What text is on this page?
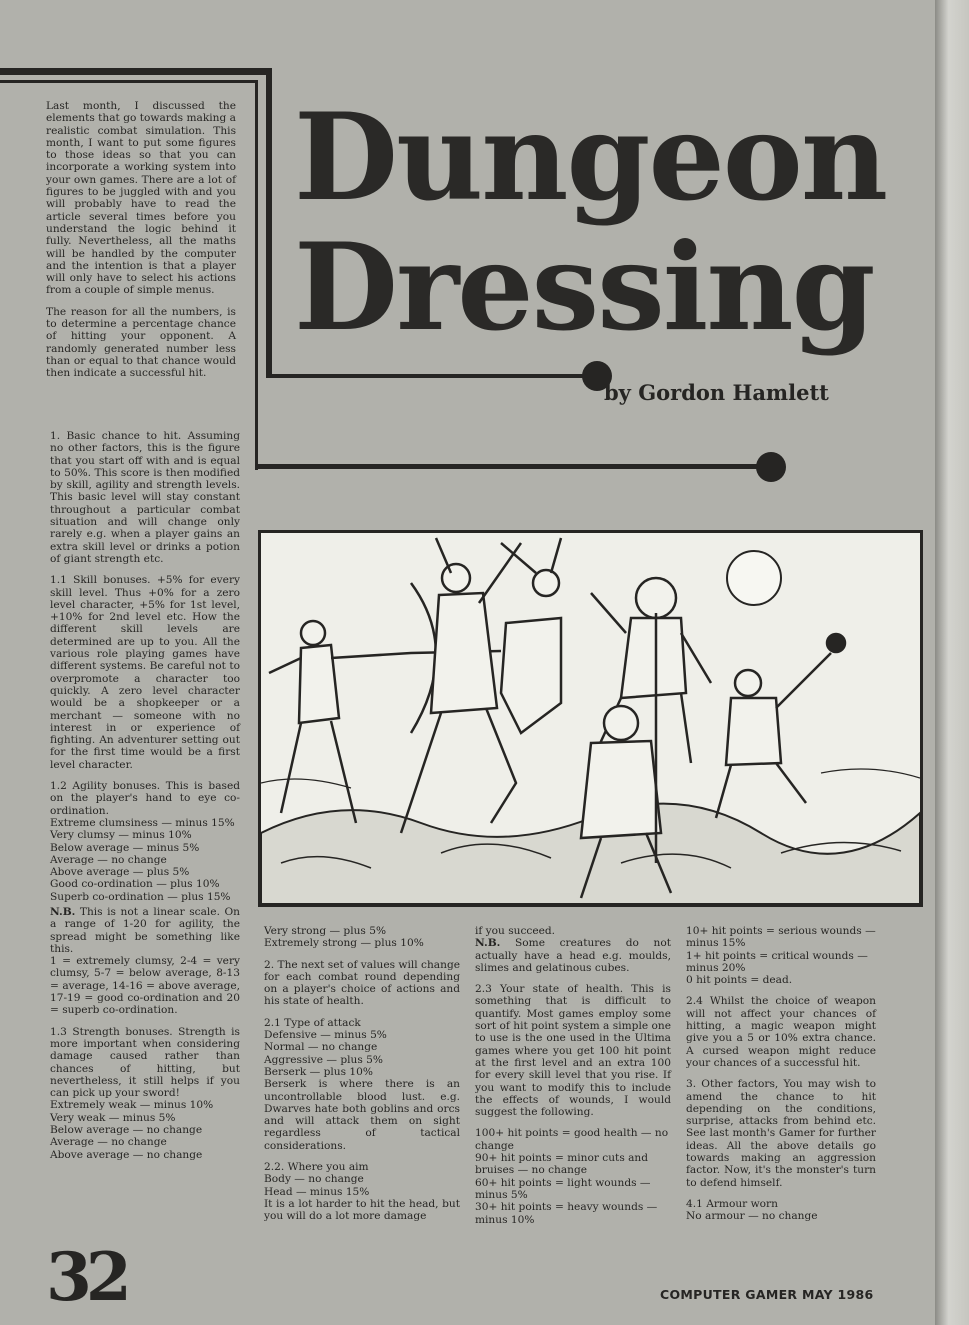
Dungeon
Dressing
by Gordon Hamlett

Last month, I discussed the elements that go towards making a realistic combat simulation. This month, I want to put some figures to those ideas so that you can incorporate a working system into your own games. There are a lot of figures to be juggled with and you will probably have to read the article several times before you understand the logic behind it fully. Nevertheless, all the maths will be handled by the computer and the intention is that a player will only have to select his actions from a couple of simple menus.

The reason for all the numbers, is to determine a percentage chance of hitting your opponent. A randomly generated number less than or equal to that chance would then indicate a successful hit.

1. Basic chance to hit. Assuming no other factors, this is the figure that you start off with and is equal to 50%. This score is then modified by skill, agility and strength levels. This basic level will stay constant throughout a particular combat situation and will change only rarely e.g. when a player gains an extra skill level or drinks a potion of giant strength etc.

1.1 Skill bonuses. +5% for every skill level. Thus +0% for a zero level character, +5% for 1st level, +10% for 2nd level etc. How the different skill levels are determined are up to you. All the various role playing games have different systems. Be careful not to overpromote a character too quickly. A zero level character would be a shopkeeper or a merchant — someone with no interest in or experience of fighting. An adventurer setting out for the first time would be a first level character.

1.2 Agility bonuses. This is based on the player's hand to eye co-ordination.

Extreme clumsiness — minus 15%
Very clumsy — minus 10%
Below average — minus 5%
Average — no change
Above average — plus 5%
Good co-ordination — plus 10%
Superb co-ordination — plus 15%

N.B. This is not a linear scale. On a range of 1-20 for agility, the spread might be something like this.

1 = extremely clumsy, 2-4 = very clumsy, 5-7 = below average, 8-13 = average, 14-16 = above average, 17-19 = good co-ordination and 20 = superb co-ordination.

1.3 Strength bonuses. Strength is more important when considering damage caused rather than chances of hitting, but nevertheless, it still helps if you can pick up your sword!

Extremely weak — minus 10%
Very weak — minus 5%
Below average — no change
Average — no change
Above average — no change
Very strong — plus 5%
Extremely strong — plus 10%

2. The next set of values will change for each combat round depending on a player's choice of actions and his state of health.

2.1 Type of attack

Defensive — minus 5%
Normal — no change
Aggressive — plus 5%
Berserk — plus 10%

Berserk is where there is an uncontrollable blood lust. e.g. Dwarves hate both goblins and orcs and will attack them on sight regardless of tactical considerations.

2.2. Where you aim

Body — no change
Head — minus 15%

It is a lot harder to hit the head, but you will do a lot more damage

if you succeed.

N.B. Some creatures do not actually have a head e.g. moulds, slimes and gelatinous cubes.

2.3 Your state of health. This is something that is difficult to quantify. Most games employ some sort of hit point system a simple one to use is the one used in the Ultima games where you get 100 hit point at the first level and an extra 100 for every skill level that you rise. If you want to modify this to include the effects of wounds, I would suggest the following.

100+ hit points = good health — no change
90+ hit points = minor cuts and bruises — no change
60+ hit points = light wounds — minus 5%
30+ hit points = heavy wounds — minus 10%
10+ hit points = serious wounds — minus 15%
1+ hit points = critical wounds — minus 20%
0 hit points = dead.

2.4 Whilst the choice of weapon will not affect your chances of hitting, a magic weapon might give you a 5 or 10% extra chance. A cursed weapon might reduce your chances of a successful hit.

3. Other factors, You may wish to amend the chance to hit depending on the conditions, surprise, attacks from behind etc. See last month's Gamer for further ideas. All the above details go towards making an aggression factor. Now, it's the monster's turn to defend himself.

4.1 Armour worn

No armour — no change
32	COMPUTER GAMER MAY 1986
